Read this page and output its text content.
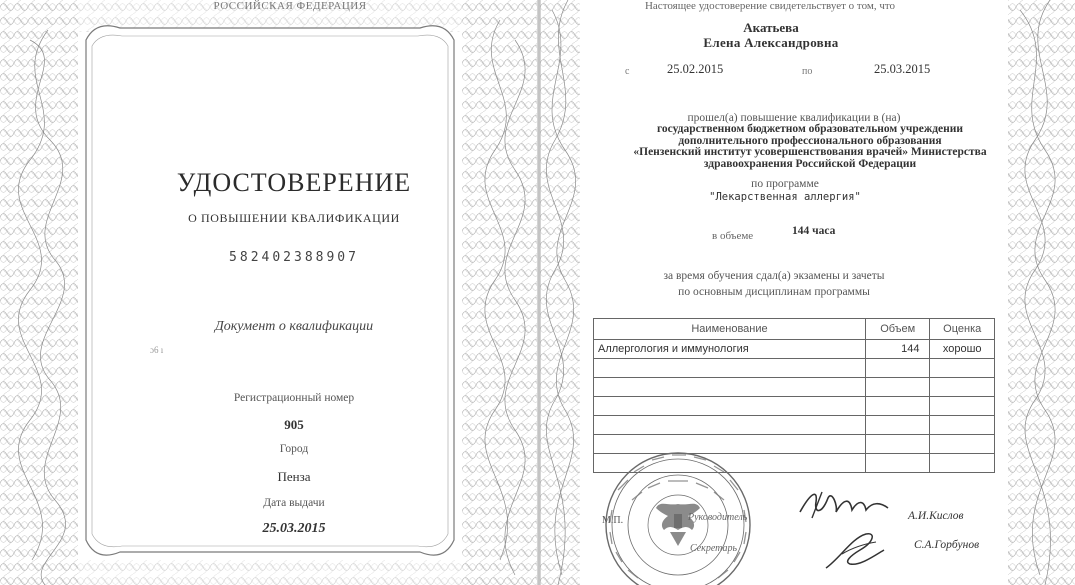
РОССИЙСКАЯ ФЕДЕРАЦИЯ
УДОСТОВЕРЕНИЕ
О ПОВЫШЕНИИ КВАЛИФИКАЦИИ
582402388907
Документ о квалификации
ɔ6 ‍ı
Регистрационный номер
905
Город
Пенза
Дата выдачи
25.03.2015
Настоящее удостоверение свидетельствует о том, что
Акатьева
Елена Александровна
с	25.02.2015	по	25.03.2015
прошел(а) повышение квалификации в (на)
государственном бюджетном образовательном учреждении
дополнительного профессионального образования
«Пензенский институт усовершенствования врачей» Министерства
здравоохранения Российской Федерации
по программе
"Лекарственная аллергия"
в объеме	144 часа
за время обучения сдал(а) экзамены и зачеты
по основным дисциплинам программы
Наименование	Объем	Оценка
Аллергология и иммунология	144	хорошо

М.П.	Руководитель
Секретарь
А.И.Кислов
С.А.Горбунов
